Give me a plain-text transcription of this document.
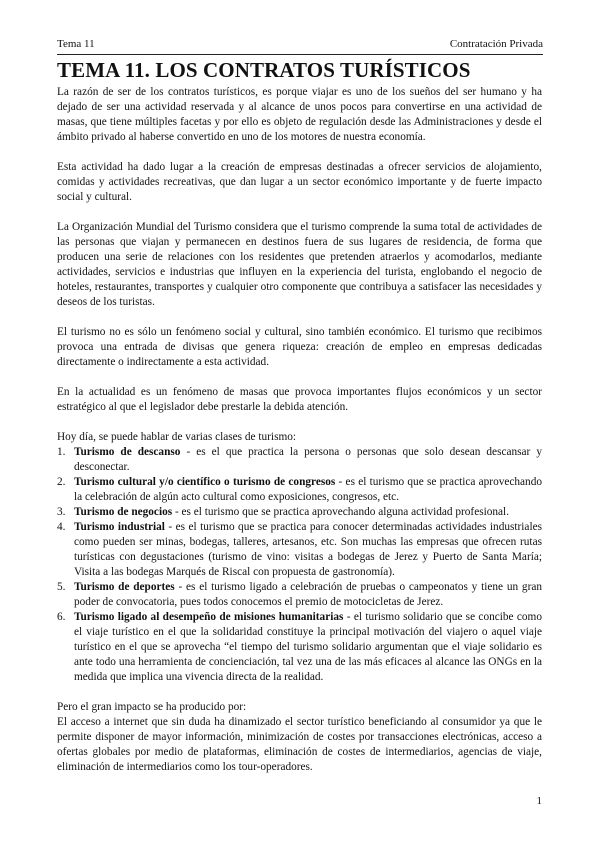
Tema 11	Contratación Privada
TEMA 11. LOS CONTRATOS TURÍSTICOS

La razón de ser de los contratos turísticos, es porque viajar es uno de los sueños del ser humano y ha dejado de ser una actividad reservada y al alcance de unos pocos para convertirse en una actividad de masas, que tiene múltiples facetas y por ello es objeto de regulación desde las Administraciones y desde el ámbito privado al haberse convertido en uno de los motores de nuestra economía.

Esta actividad ha dado lugar a la creación de empresas destinadas a ofrecer servicios de alojamiento, comidas y actividades recreativas, que dan lugar a un sector económico importante y de fuerte impacto social y cultural.

La Organización Mundial del Turismo considera que el turismo comprende la suma total de actividades de las personas que viajan y permanecen en destinos fuera de sus lugares de residencia, de forma que producen una serie de relaciones con los residentes que pretenden atraerlos y acomodarlos, mediante actividades, servicios e industrias que influyen en la experiencia del turista, englobando el negocio de hoteles, restaurantes, transportes y cualquier otro componente que contribuya a satisfacer las necesidades y deseos de los turistas.

El turismo no es sólo un fenómeno social y cultural, sino también económico. El turismo que recibimos provoca una entrada de divisas que genera riqueza: creación de empleo en empresas dedicadas directamente o indirectamente a esta actividad.

En la actualidad es un fenómeno de masas que provoca importantes flujos económicos y un sector estratégico al que el legislador debe prestarle la debida atención.

Hoy día, se puede hablar de varias clases de turismo:

1. Turismo de descanso - es el que practica la persona o personas que solo desean descansar y desconectar.
2. Turismo cultural y/o científico o turismo de congresos - es el turismo que se practica aprovechando la celebración de algún acto cultural como exposiciones, congresos, etc.
3. Turismo de negocios - es el turismo que se practica aprovechando alguna actividad profesional.
4. Turismo industrial - es el turismo que se practica para conocer determinadas actividades industriales como pueden ser minas, bodegas, talleres, artesanos, etc. Son muchas las empresas que ofrecen rutas turísticas con degustaciones (turismo de vino: visitas a bodegas de Jerez y Puerto de Santa María; Visita a las bodegas Marqués de Riscal con propuesta de gastronomía).
5. Turismo de deportes - es el turismo ligado a celebración de pruebas o campeonatos y tiene un gran poder de convocatoria, pues todos conocemos el premio de motocicletas de Jerez.
6. Turismo ligado al desempeño de misiones humanitarias - el turismo solidario que se concibe como el viaje turístico en el que la solidaridad constituye la principal motivación del viajero o aquel viaje turístico en el que se aprovecha “el tiempo del turismo solidario argumentan que el viaje solidario es ante todo una herramienta de concienciación, tal vez una de las más eficaces al alcance las ONGs en la medida que implica una vivencia directa de la realidad.

Pero el gran impacto se ha producido por:

El acceso a internet que sin duda ha dinamizado el sector turístico beneficiando al consumidor ya que le permite disponer de mayor información, minimización de costes por transacciones electrónicas, acceso a ofertas globales por medio de plataformas, eliminación de costes de intermediarios, agencias de viaje, eliminación de intermediarios como los tour-operadores.

1
